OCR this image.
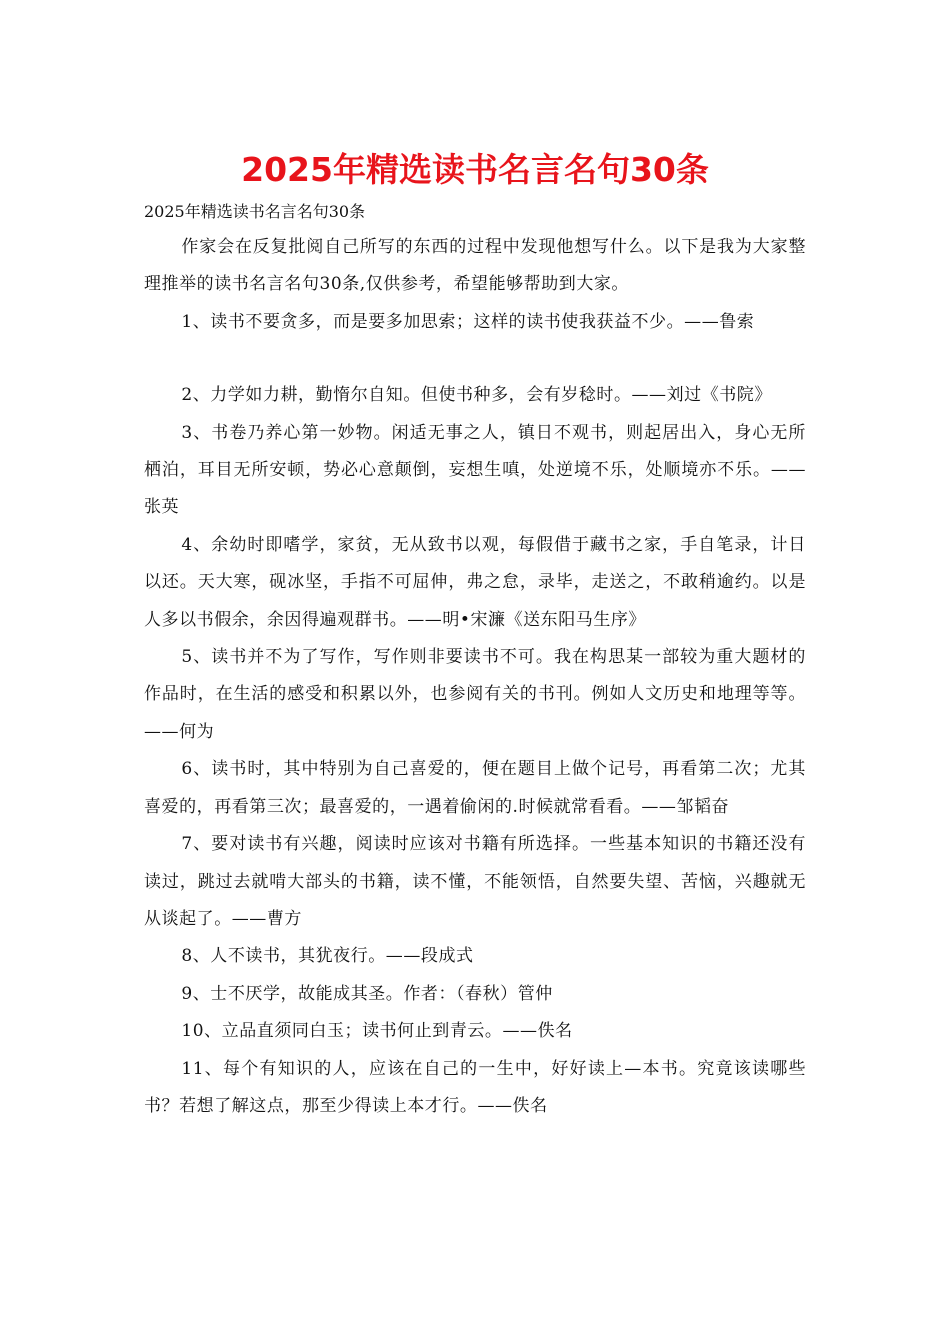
2025年精选读书名言名句30条
2025年精选读书名言名句30条

作家会在反复批阅自己所写的东西的过程中发现他想写什么。以下是我为大家整理推举的读书名言名句30条,仅供参考，希望能够帮助到大家。

1、读书不要贪多，而是要多加思索；这样的读书使我获益不少。——鲁索

2、力学如力耕，勤惰尔自知。但使书种多，会有岁稔时。——刘过《书院》

3、书卷乃养心第一妙物。闲适无事之人，镇日不观书，则起居出入，身心无所栖泊，耳目无所安顿，势必心意颠倒，妄想生嗔，处逆境不乐，处顺境亦不乐。——张英

4、余幼时即嗜学，家贫，无从致书以观，每假借于藏书之家，手自笔录，计日以还。天大寒，砚冰坚，手指不可屈伸，弗之怠，录毕，走送之，不敢稍逾约。以是人多以书假余，余因得遍观群书。——明•宋濂《送东阳马生序》

5、读书并不为了写作，写作则非要读书不可。我在构思某一部较为重大题材的作品时，在生活的感受和积累以外，也参阅有关的书刊。例如人文历史和地理等等。——何为

6、读书时，其中特别为自己喜爱的，便在题目上做个记号，再看第二次；尤其喜爱的，再看第三次；最喜爱的，一遇着偷闲的.时候就常看看。——邹韬奋

7、要对读书有兴趣，阅读时应该对书籍有所选择。一些基本知识的书籍还没有读过，跳过去就啃大部头的书籍，读不懂，不能领悟，自然要失望、苦恼，兴趣就无从谈起了。——曹方

8、人不读书，其犹夜行。——段成式

9、士不厌学，故能成其圣。作者：（春秋）管仲

10、立品直须同白玉；读书何止到青云。——佚名

11、每个有知识的人，应该在自己的一生中，好好读上—本书。究竟该读哪些书？若想了解这点，那至少得读上本才行。——佚名
